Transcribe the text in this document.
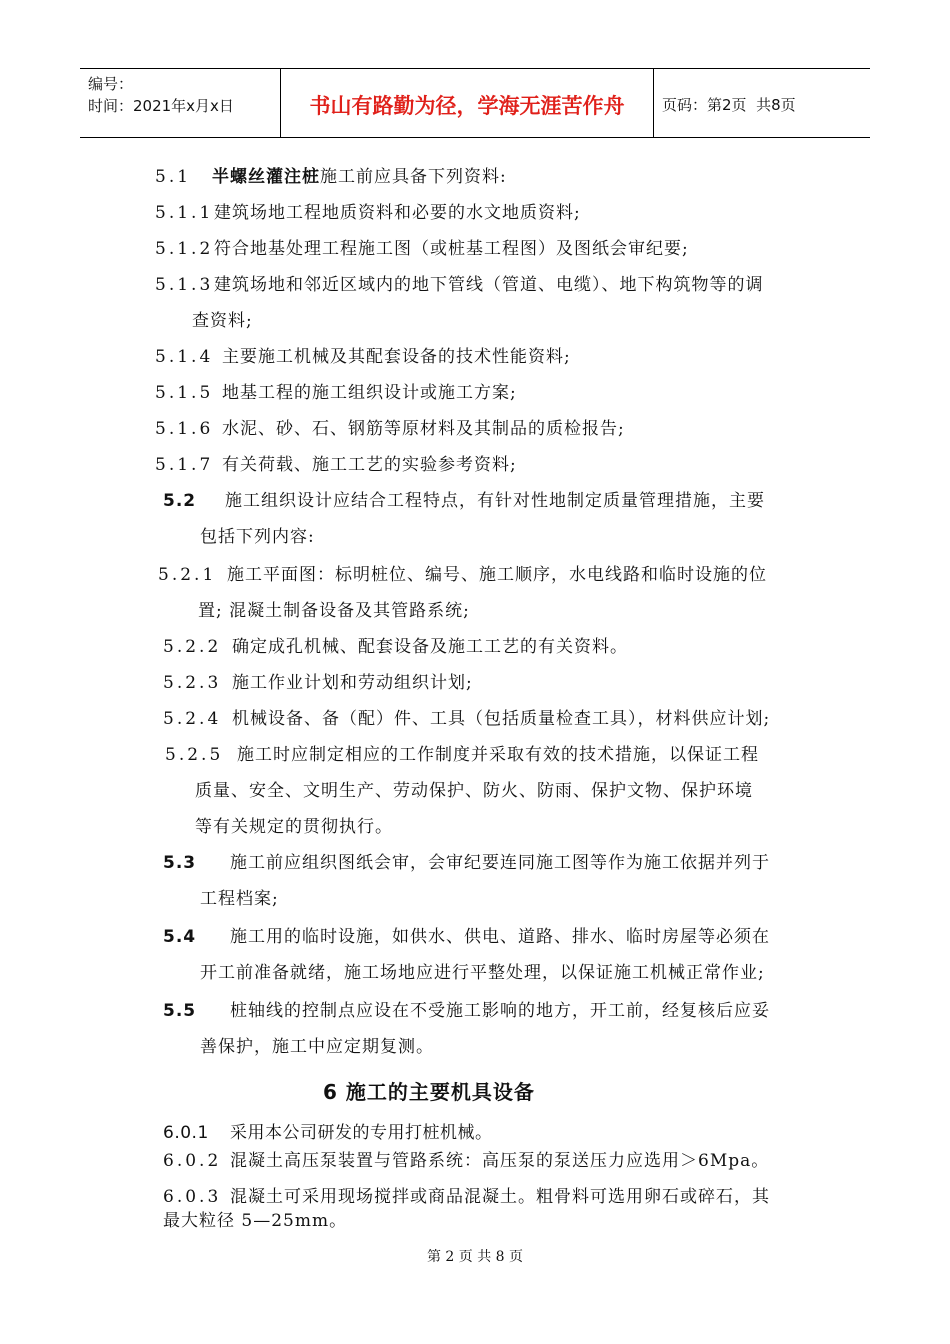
编号：
时间：2021年x月x日	书山有路勤为径，学海无涯苦作舟	页码：第2页  共8页
5.1 半螺丝灌注桩施工前应具备下列资料:
5.1.1建筑场地工程地质资料和必要的水文地质资料;
5.1.2符合地基处理工程施工图（或桩基工程图）及图纸会审纪要;
5.1.3建筑场地和邻近区域内的地下管线（管道、电缆）、地下构筑物等的调
查资料;
5.1.4 主要施工机械及其配套设备的技术性能资料;
5.1.5 地基工程的施工组织设计或施工方案;
5.1.6 水泥、砂、石、钢筋等原材料及其制品的质检报告;
5.1.7 有关荷载、施工工艺的实验参考资料;
5.2 施工组织设计应结合工程特点，有针对性地制定质量管理措施，主要
包括下列内容:
5.2.1 施工平面图：标明桩位、编号、施工顺序，水电线路和临时设施的位
置; 混凝土制备设备及其管路系统;
5.2.2 确定成孔机械、配套设备及施工工艺的有关资料。
5.2.3 施工作业计划和劳动组织计划;
5.2.4 机械设备、备（配）件、工具（包括质量检查工具），材料供应计划;
5.2.5 施工时应制定相应的工作制度并采取有效的技术措施，以保证工程
质量、安全、文明生产、劳动保护、防火、防雨、保护文物、保护环境
等有关规定的贯彻执行。
5.3 施工前应组织图纸会审，会审纪要连同施工图等作为施工依据并列于
工程档案;
5.4 施工用的临时设施，如供水、供电、道路、排水、临时房屋等必须在
开工前准备就绪，施工场地应进行平整处理，以保证施工机械正常作业;
5.5 桩轴线的控制点应设在不受施工影响的地方，开工前，经复核后应妥
善保护，施工中应定期复测。
6 施工的主要机具设备
6.0.1 采用本公司研发的专用打桩机械。
6.0.2 混凝土高压泵装置与管路系统：高压泵的泵送压力应选用＞6Mpa。
6.0.3 混凝土可采用现场搅拌或商品混凝土。粗骨料可选用卵石或碎石，其
最大粒径 5—25mm。
第 2 页 共 8 页
